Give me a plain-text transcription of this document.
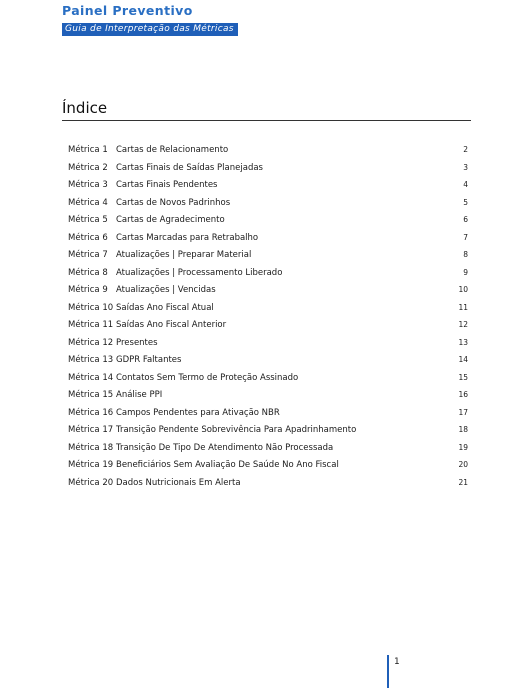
Painel Preventivo
Guia de Interpretação das Métricas
Índice
Métrica 1 Cartas de Relacionamento	2
Métrica 2 Cartas Finais de Saídas Planejadas	3
Métrica 3 Cartas Finais Pendentes	4
Métrica 4 Cartas de Novos Padrinhos	5
Métrica 5 Cartas de Agradecimento	6
Métrica 6 Cartas Marcadas para Retrabalho	7
Métrica 7 Atualizações | Preparar Material	8
Métrica 8 Atualizações | Processamento Liberado	9
Métrica 9 Atualizações | Vencidas	10
Métrica 10 Saídas Ano Fiscal Atual	11
Métrica 11 Saídas Ano Fiscal Anterior	12
Métrica 12 Presentes	13
Métrica 13 GDPR Faltantes	14
Métrica 14 Contatos Sem Termo de Proteção Assinado	15
Métrica 15 Análise PPI	16
Métrica 16 Campos Pendentes para Ativação NBR	17
Métrica 17 Transição Pendente Sobrevivência Para Apadrinhamento	18
Métrica 18 Transição De Tipo De Atendimento Não Processada	19
Métrica 19 Beneficiários Sem Avaliação De Saúde No Ano Fiscal	20
Métrica 20 Dados Nutricionais Em Alerta	21
1
